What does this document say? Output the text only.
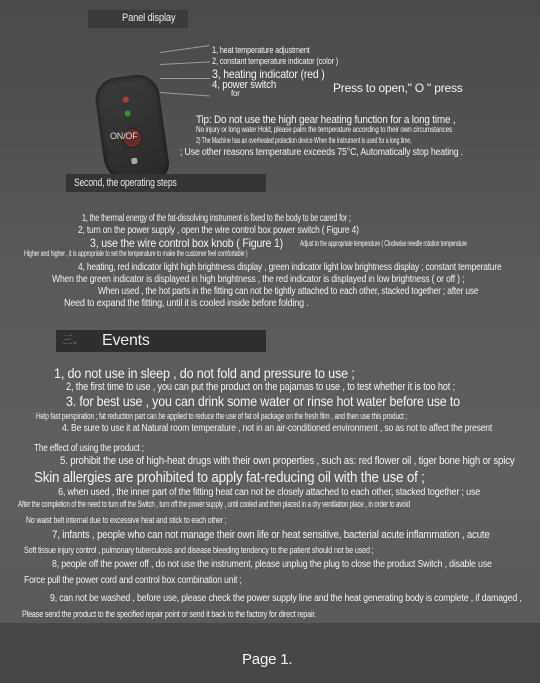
Panel display
ON/OF
1, heat temperature adjustment
2, constant temperature indicator (color )
3, heating indicator (red )
4, power switch
for	Press to open," O " press
Tip: Do not use the high gear heating function for a long time ,
No injury or long water Hold, please palm the temperature according to their own circumstances
2) The Machine has an overheated protection device When the instrument is used for a long time,
; Use other reasons temperature exceeds 75°C, Automatically stop heating .
Second, the operating steps
1, the thermal energy of the fat-dissolving instrument is fixed to the body to be cared for ;
2, turn on the power supply , open the wire control box power switch ( Figure 4)
3, use the wire control box knob ( Figure 1) Adjust to the appropriate temperature ( Clockwise needle rotation temperature
Higher and higher , it is appropriate to set the temperature to make the customer feel comfortable )
4, heating, red indicator light high brightness display , green indicator light low brightness display ; constant temperature
When the green indicator is displayed in high brightness , the red indicator is displayed in low brightness ( or off ) ;
When used , the hot parts in the fitting can not be tightly attached to each other, stacked together ; after use
Need to expand the fitting, until it is cooled inside before folding .
三、 Events
1, do not use in sleep , do not fold and pressure to use ;
2, the first time to use , you can put the product on the pajamas to use , to test whether it is too hot ;
3. for best use , you can drink some water or rinse hot water before use to
Help fast perspiration ; fat reduction part can be applied to reduce the use of fat oil package on the fresh film , and then use this product ;
4. Be sure to use it at Natural room temperature , not in an air-conditioned environment , so as not to affect the present
The effect of using the product ;
5. prohibit the use of high-heat drugs with their own properties , such as: red flower oil , tiger bone high or spicy
Skin allergies are prohibited to apply fat-reducing oil with the use of ;
6, when used , the inner part of the fitting heat can not be closely attached to each other, stacked together ; use
After the completion of the need to turn off the Switch , turn off the power supply , until cooled and then placed in a dry ventilation place , in order to avoid
No waist belt internal due to excessive heat and stick to each other ;
7, infants , people who can not manage their own life or heat sensitive, bacterial acute inflammation , acute
Soft tissue injury control , pulmonary tuberculosis and disease bleeding tendency to the patient should not be used ;
8, people off the power off , do not use the instrument, please unplug the plug to close the product Switch , disable use
Force pull the power cord and control box combination unit ;
9, can not be washed , before use, please check the power supply line and the heat generating body is complete , if damaged ,
Please send the product to the specified repair point or send it back to the factory for direct repair.
Page 1.
